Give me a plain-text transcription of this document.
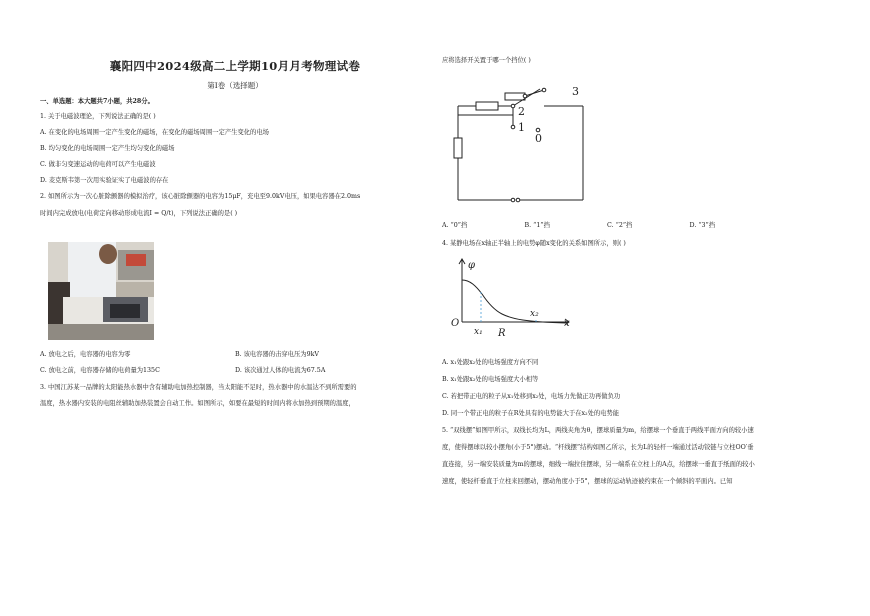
襄阳四中2024级高二上学期10月月考物理试卷
第Ⅰ卷（选择题）
一、单选题：本大题共7小题，共28分。
1. 关于电磁波理论，下列说法正确的是( )
A. 在变化的电场周围一定产生变化的磁场，在变化的磁场周围一定产生变化的电场
B. 均匀变化的电场周围一定产生均匀变化的磁场
C. 做非匀变速运动的电荷可以产生电磁波
D. 麦克斯韦第一次用实验证实了电磁波的存在
2. 如图所示为一次心脏除颤器的模拟治疗，该心脏除颤器的电容为15μF，充电至9.0kV电压，如果电容器在2.0ms
时间内完成放电(电荷定向移动形成电流I = Q/t)，下列说法正确的是( )
A. 放电之后，电容器的电容为零	B. 该电容器的击穿电压为9kV
C. 放电之前，电容器存储的电荷量为135C	D. 该次通过人体的电流为67.5A
3. 中国江苏某一品牌的太阳能热水器中含有辅助电加热控制器，当太阳能不足时，热水器中的水温达不到所需要的
温度，热水器内安装的电阻丝辅助加热装置会自动工作。如图所示，如要在最短的时间内将水加热到预期的温度，
应将选择开关置于哪一个挡位( )
3
2
1
0
A. “0”挡	B. “1”挡	C. “2”挡	D. “3”挡
4. 某静电场在x轴正半轴上的电势φ随x变化的关系如图所示，则( )
φ
O
x₁ R
x₂
x
A. x₁处跟x₂处的电场强度方向不同
B. x₁处跟x₂处的电场强度大小相等
C. 若把带正电的粒子从x₁处移到x₂处，电场力先做正功再做负功
D. 同一个带正电的粒子在R处具有的电势能大于在x₂处的电势能
5. “双线摆”如图甲所示，双线长均为L，两线夹角为θ，摆球质量为m，给摆球一个垂直于两线平面方向的较小速
度，使得摆球以较小摆角(小于5°)摆动。“杆线摆”结构如图乙所示，长为L的轻杆一端通过活动铰链与立柱OO′垂
直连接，另一端安装质量为m的摆球，细线一端拉住摆球，另一端系在立柱上的A点，给摆球一垂直于纸面的较小
速度，使轻杆垂直于立柱来回摆动，摆动角度小于5°，摆球的运动轨迹被约束在一个倾斜的平面内。已知
